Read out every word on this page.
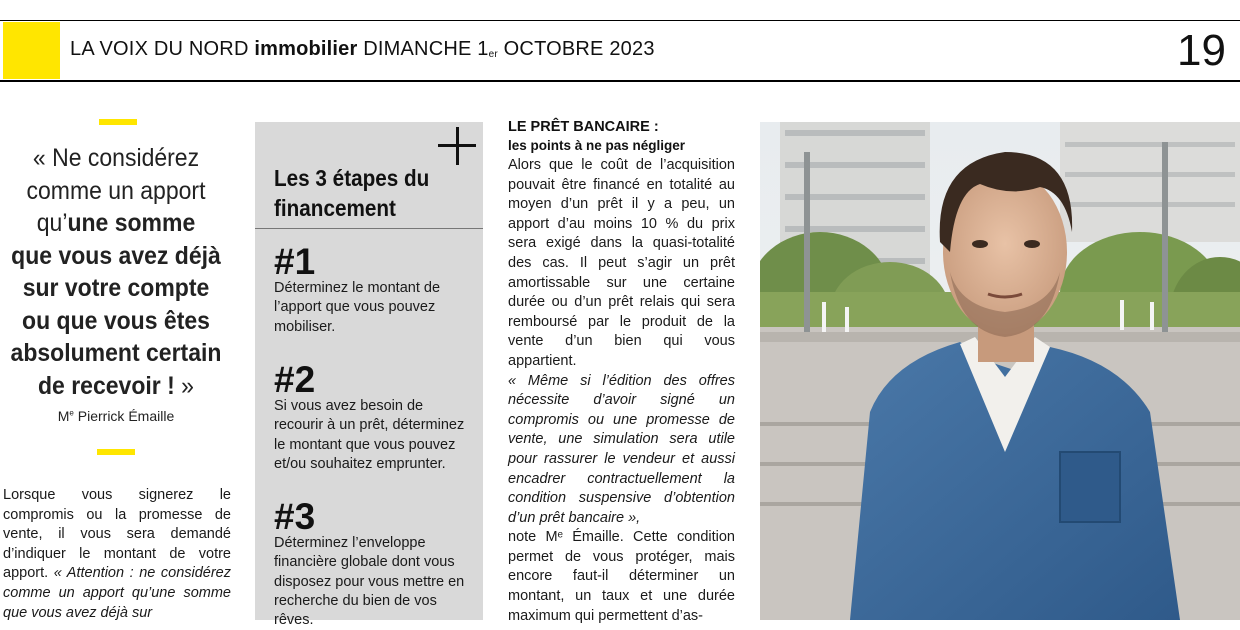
LA VOIX DU NORD immobilier DIMANCHE 1er OCTOBRE 2023	19
« Ne considérez
comme un apport
qu’une somme
que vous avez déjà
sur votre compte
ou que vous êtes
absolument certain
de recevoir ! »
Me Pierrick Émaille
Lorsque vous signerez le compromis ou la promesse de vente, il vous sera demandé d’indiquer le montant de votre apport. « Attention : ne considérez comme un apport qu’une somme que vous avez déjà sur
Les 3 étapes du financement
#1
Déterminez le montant de l’apport que vous pouvez mobiliser.
#2
Si vous avez besoin de recourir à un prêt, déterminez le montant que vous pouvez et/ou souhaitez emprunter.
#3
Déterminez l’enveloppe financière globale dont vous disposez pour vous mettre en recherche du bien de vos rêves.
LE PRÊT BANCAIRE :
les points à ne pas négliger
Alors que le coût de l’acquisition pouvait être financé en totalité au moyen d’un prêt il y a peu, un apport d’au moins 10 % du prix sera exigé dans la quasi-totalité des cas. Il peut s’agir un prêt amortissable sur une certaine durée ou d’un prêt relais qui sera remboursé par le produit de la vente d’un bien qui vous appartient.
« Même si l’édition des offres nécessite d’avoir signé un compromis ou une promesse de vente, une simulation sera utile pour rassurer le vendeur et aussi encadrer contractuellement la condition suspensive d’obtention d’un prêt bancaire »,
note Mᵉ Émaille. Cette condition permet de vous protéger, mais encore faut-il déterminer un montant, un taux et une durée maximum qui permettent d’as-
